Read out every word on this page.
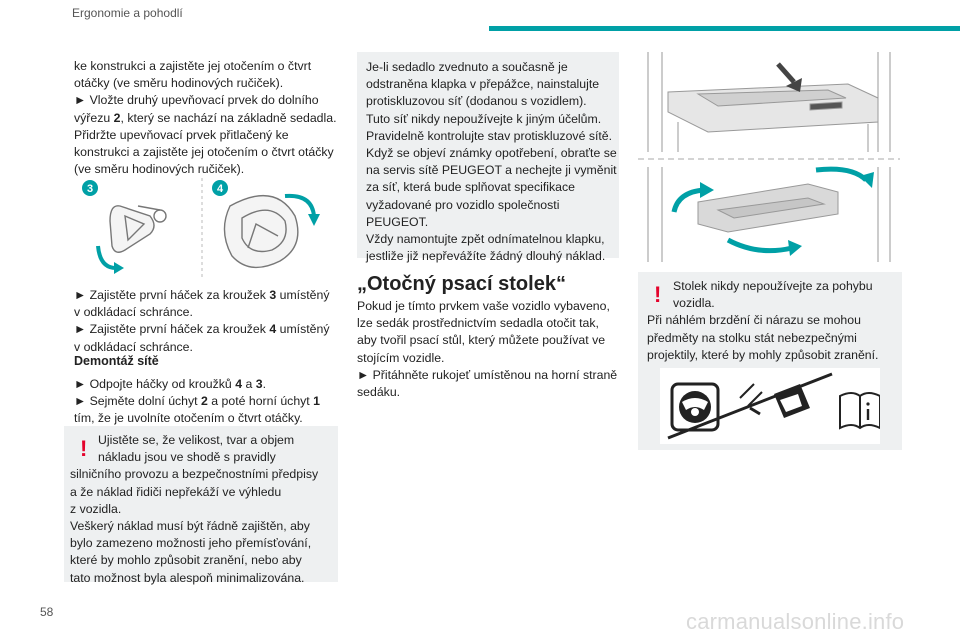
Ergonomie a pohodlí

ke konstrukci a zajistěte jej otočením o čtvrt

otáčky (ve směru hodinových ručiček).

► Vložte druhý upevňovací prvek do dolního

výřezu 2, který se nachází na základně sedadla.

Přidržte upevňovací prvek přitlačený ke

konstrukci a zajistěte jej otočením o čtvrt otáčky

(ve směru hodinových ručiček).

3	4

► Zajistěte první háček za kroužek 3 umístěný

v odkládací schránce.

► Zajistěte první háček za kroužek 4 umístěný

v odkládací schránce.

Demontáž sítě

► Odpojte háčky od kroužků 4 a 3.

► Sejměte dolní úchyt 2 a poté horní úchyt 1

tím, že je uvolníte otočením o čtvrt otáčky.

! Ujistěte se, že velikost, tvar a objem

nákladu jsou ve shodě s pravidly

silničního provozu a bezpečnostními předpisy

a že náklad řidiči nepřekáží ve výhledu

z vozidla.

Veškerý náklad musí být řádně zajištěn, aby

bylo zamezeno možnosti jeho přemísťování,

které by mohlo způsobit zranění, nebo aby

tato možnost byla alespoň minimalizována.

Je-li sedadlo zvednuto a současně je

odstraněna klapka v přepážce, nainstalujte

protiskluzovou síť (dodanou s vozidlem).

Tuto síť nikdy nepoužívejte k jiným účelům.

Pravidelně kontrolujte stav protiskluzové sítě.

Když se objeví známky opotřebení, obraťte se

na servis sítě PEUGEOT a nechejte ji vyměnit

za síť, která bude splňovat specifikace

vyžadované pro vozidlo společnosti

PEUGEOT.

Vždy namontujte zpět odnímatelnou klapku,

jestliže již nepřevážíte žádný dlouhý náklad.

„Otočný psací stolek“

Pokud je tímto prvkem vaše vozidlo vybaveno,

lze sedák prostřednictvím sedadla otočit tak,

aby tvořil psací stůl, který můžete používat ve

stojícím vozidle.

► Přitáhněte rukojeť umístěnou na horní straně

sedáku.

! Stolek nikdy nepoužívejte za pohybu

vozidla.

Při náhlém brzdění či nárazu se mohou

předměty na stolku stát nebezpečnými

projektily, které by mohly způsobit zranění.

58	carmanualsonline.info
